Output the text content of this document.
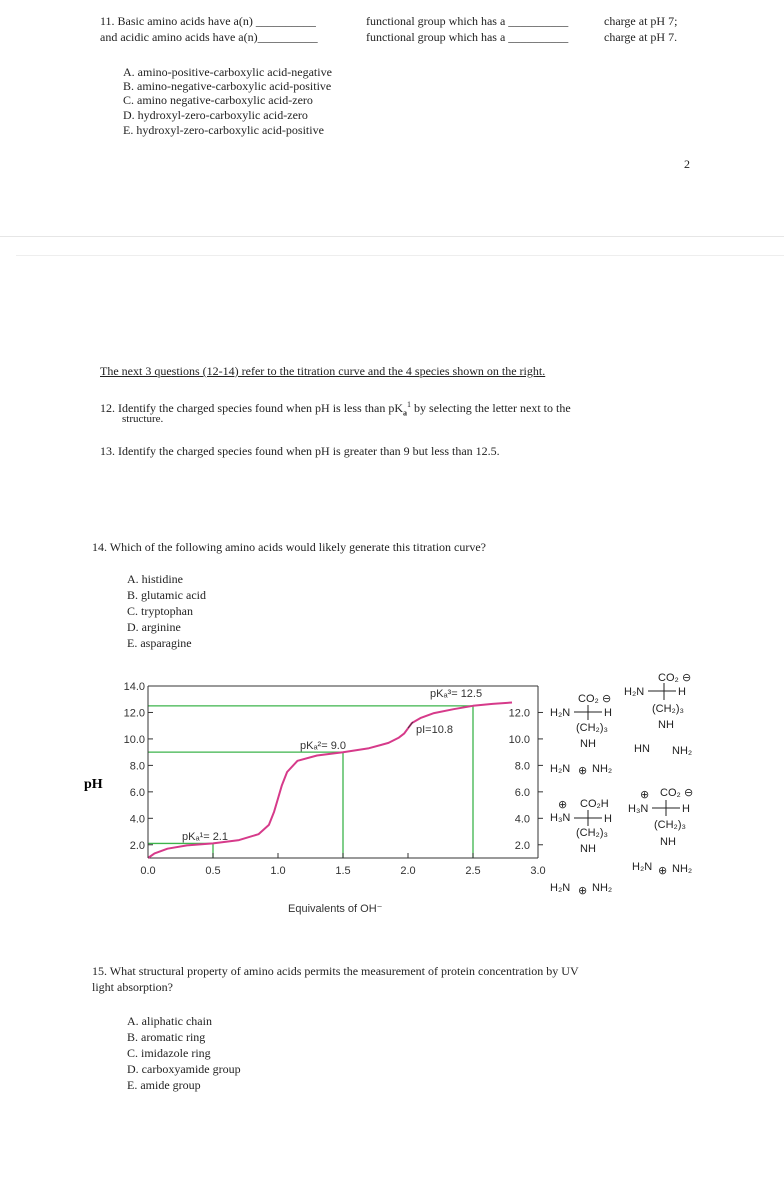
11. Basic amino acids have a(n) __________	functional group which has a __________	charge at pH 7;
and acidic amino acids have a(n)__________	functional group which has a __________	charge at pH 7.
A. amino-positive-carboxylic acid-negative
B. amino-negative-carboxylic acid-positive
C. amino negative-carboxylic acid-zero
D. hydroxyl-zero-carboxylic acid-zero
E. hydroxyl-zero-carboxylic acid-positive
2
The next 3 questions (12-14) refer to the titration curve and the 4 species shown on the right.
12. Identify the charged species found when pH is less than $pK_a^1$ by selecting the letter next to the
structure.
13. Identify the charged species found when pH is greater than 9 but less than 12.5.
14. Which of the following amino acids would likely generate this titration curve?
A. histidine
B. glutamic acid
C. tryptophan
D. arginine
E. asparagine
14.0
12.0
10.0
8.0
6.0
4.0
2.0
12.0
10.0
8.0
6.0
4.0
2.0
3.0
0.0	0.5	1.0	1.5	2.0	2.5
pH
Equivalents of OH⁻
pKₐ¹= 2.1
pKₐ²= 9.0
pKₐ³= 12.5
pI=10.8
CO₂ ⊖
H₂N	H
(CH₂)₃
NH
H₂N ⊕ NH₂
CO₂ ⊖
H₂N	H
(CH₂)₃
NH
HN NH₂
⊕ CO₂H
H₃N	H
(CH₂)₃
NH
H₂N ⊕ NH₂
⊕ CO₂ ⊖
H₃N	H
(CH₂)₃
NH
H₂N ⊕ NH₂
15. What structural property of amino acids permits the measurement of protein concentration by UV
light absorption?
A. aliphatic chain
B. aromatic ring
C. imidazole ring
D. carboxyamide group
E. amide group
